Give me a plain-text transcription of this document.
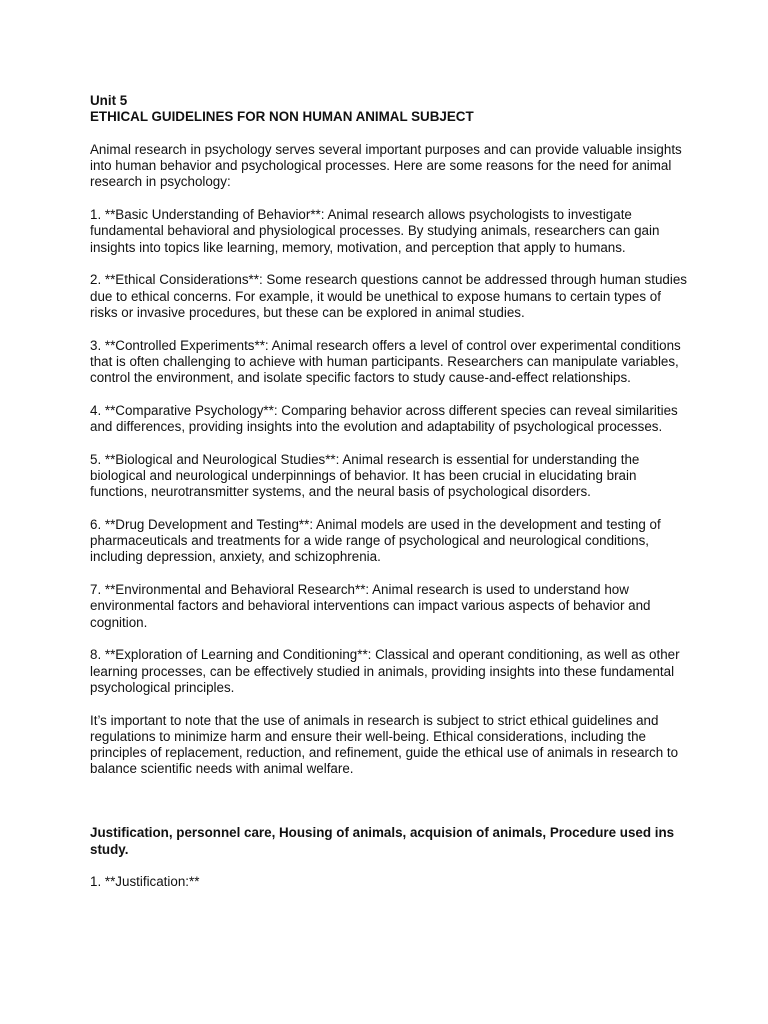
Unit 5
ETHICAL GUIDELINES FOR NON HUMAN ANIMAL SUBJECT

Animal research in psychology serves several important purposes and can provide valuable insights into human behavior and psychological processes. Here are some reasons for the need for animal research in psychology:

1. **Basic Understanding of Behavior**: Animal research allows psychologists to investigate fundamental behavioral and physiological processes. By studying animals, researchers can gain insights into topics like learning, memory, motivation, and perception that apply to humans.

2. **Ethical Considerations**: Some research questions cannot be addressed through human studies due to ethical concerns. For example, it would be unethical to expose humans to certain types of risks or invasive procedures, but these can be explored in animal studies.

3. **Controlled Experiments**: Animal research offers a level of control over experimental conditions that is often challenging to achieve with human participants. Researchers can manipulate variables, control the environment, and isolate specific factors to study cause-and-effect relationships.

4. **Comparative Psychology**: Comparing behavior across different species can reveal similarities and differences, providing insights into the evolution and adaptability of psychological processes.

5. **Biological and Neurological Studies**: Animal research is essential for understanding the biological and neurological underpinnings of behavior. It has been crucial in elucidating brain functions, neurotransmitter systems, and the neural basis of psychological disorders.

6. **Drug Development and Testing**: Animal models are used in the development and testing of pharmaceuticals and treatments for a wide range of psychological and neurological conditions, including depression, anxiety, and schizophrenia.

7. **Environmental and Behavioral Research**: Animal research is used to understand how environmental factors and behavioral interventions can impact various aspects of behavior and cognition.

8. **Exploration of Learning and Conditioning**: Classical and operant conditioning, as well as other learning processes, can be effectively studied in animals, providing insights into these fundamental psychological principles.

It’s important to note that the use of animals in research is subject to strict ethical guidelines and regulations to minimize harm and ensure their well-being. Ethical considerations, including the principles of replacement, reduction, and refinement, guide the ethical use of animals in research to balance scientific needs with animal welfare.

Justification, personnel care, Housing of animals, acquision of animals, Procedure used ins study.

1. **Justification:**
